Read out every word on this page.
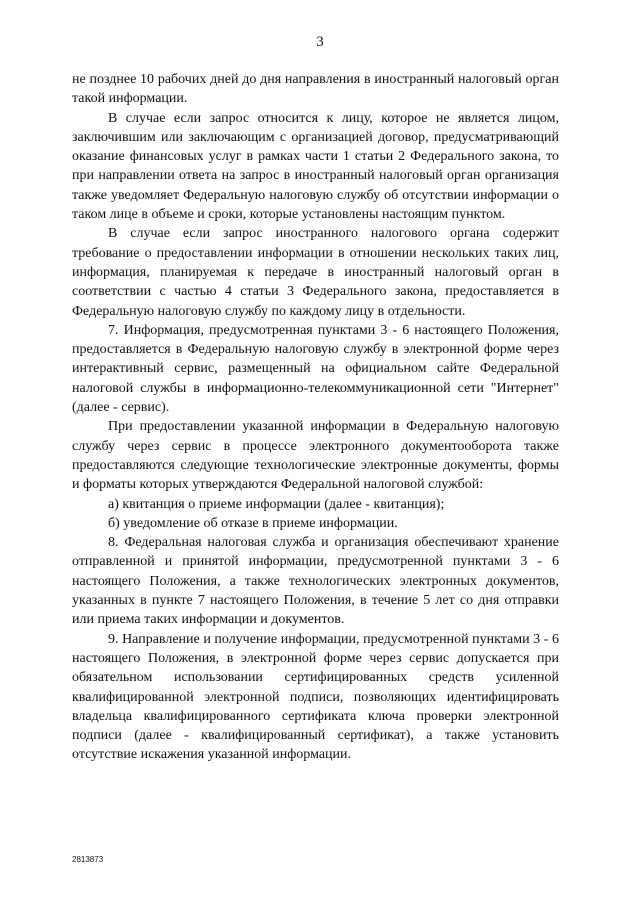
3

не позднее 10 рабочих дней до дня направления в иностранный налоговый орган такой информации.

В случае если запрос относится к лицу, которое не является лицом, заключившим или заключающим с организацией договор, предусматривающий оказание финансовых услуг в рамках части 1 статьи 2 Федерального закона, то при направлении ответа на запрос в иностранный налоговый орган организация также уведомляет Федеральную налоговую службу об отсутствии информации о таком лице в объеме и сроки, которые установлены настоящим пунктом.

В случае если запрос иностранного налогового органа содержит требование о предоставлении информации в отношении нескольких таких лиц, информация, планируемая к передаче в иностранный налоговый орган в соответствии с частью 4 статьи 3 Федерального закона, предоставляется в Федеральную налоговую службу по каждому лицу в отдельности.

7. Информация, предусмотренная пунктами 3 - 6 настоящего Положения, предоставляется в Федеральную налоговую службу в электронной форме через интерактивный сервис, размещенный на официальном сайте Федеральной налоговой службы в информационно-телекоммуникационной сети "Интернет" (далее - сервис).

При предоставлении указанной информации в Федеральную налоговую службу через сервис в процессе электронного документооборота также предоставляются следующие технологические электронные документы, формы и форматы которых утверждаются Федеральной налоговой службой:

а) квитанция о приеме информации (далее - квитанция);

б) уведомление об отказе в приеме информации.

8. Федеральная налоговая служба и организация обеспечивают хранение отправленной и принятой информации, предусмотренной пунктами 3 - 6 настоящего Положения, а также технологических электронных документов, указанных в пункте 7 настоящего Положения, в течение 5 лет со дня отправки или приема таких информации и документов.

9. Направление и получение информации, предусмотренной пунктами 3 - 6 настоящего Положения, в электронной форме через сервис допускается при обязательном использовании сертифицированных средств усиленной квалифицированной электронной подписи, позволяющих идентифицировать владельца квалифицированного сертификата ключа проверки электронной подписи (далее - квалифицированный сертификат), а также установить отсутствие искажения указанной информации.

2813873
